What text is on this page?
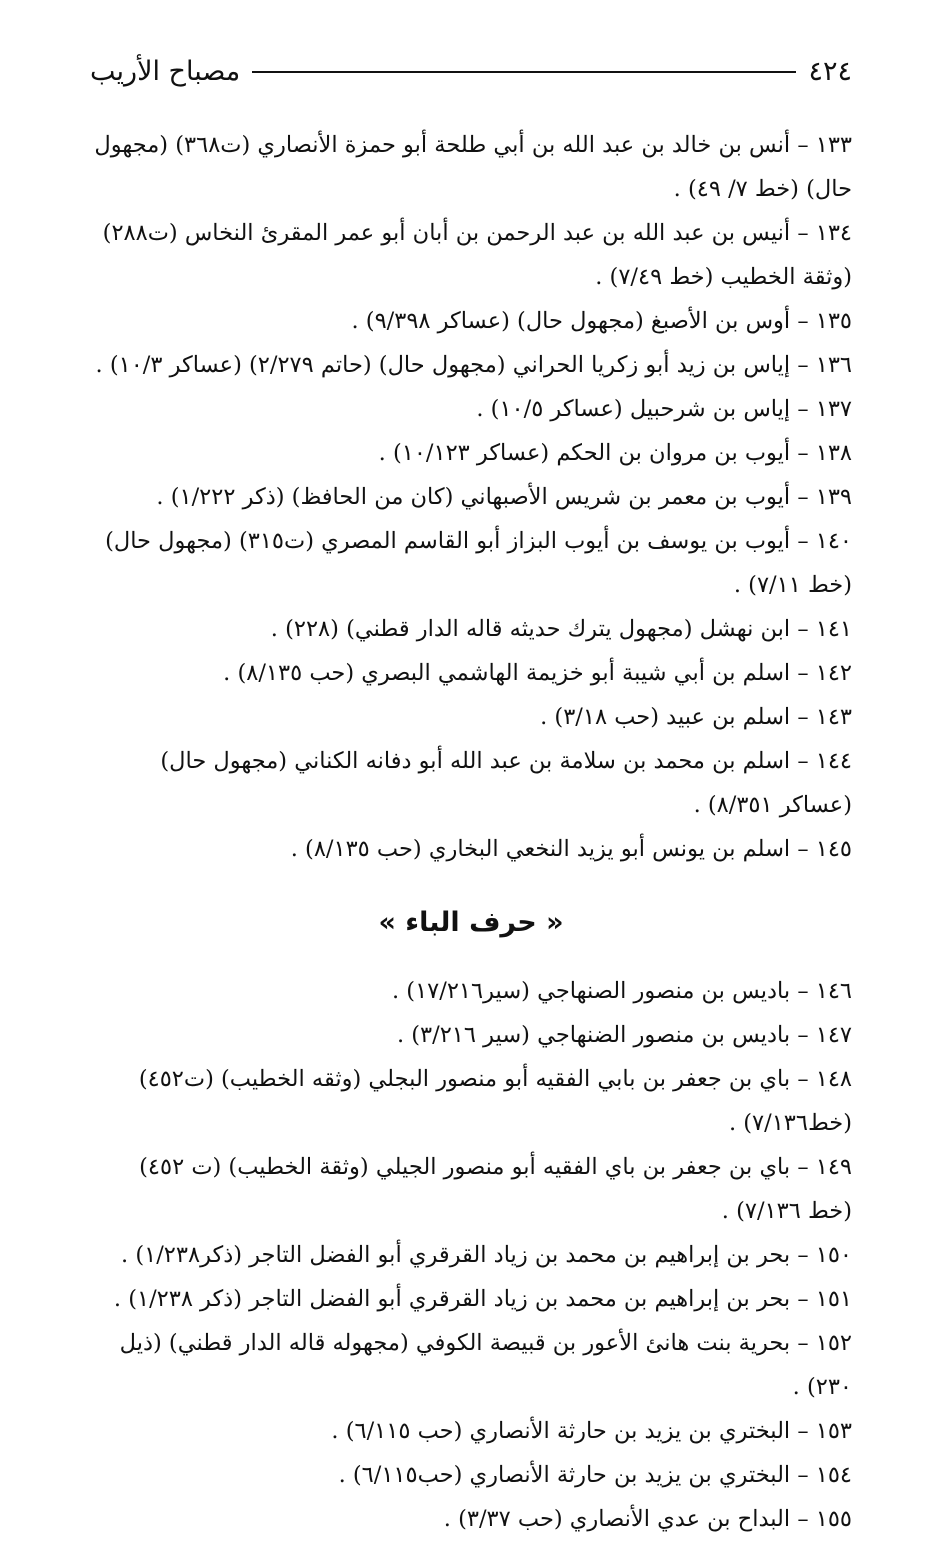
٤٢٤
مصباح الأريب
١٣٣ – أنس بن خالد بن عبد الله بن أبي طلحة أبو حمزة الأنصاري (ت٣٦٨) (مجهول حال) (خط ٧/ ٤٩) .
١٣٤ – أنيس بن عبد الله بن عبد الرحمن بن أبان أبو عمر المقرئ النخاس (ت٢٨٨) (وثقة الخطيب (خط ٧/٤٩) .
١٣٥ – أوس بن الأصبغ (مجهول حال) (عساكر ٩/٣٩٨) .
١٣٦ – إياس بن زيد أبو زكريا الحراني (مجهول حال) (حاتم ٢/٢٧٩) (عساكر ١٠/٣) .
١٣٧ – إياس بن شرحبيل (عساكر ١٠/٥) .
١٣٨ – أيوب بن مروان بن الحكم (عساكر ١٠/١٢٣) .
١٣٩ – أيوب بن معمر بن شريس الأصبهاني (كان من الحافظ) (ذكر ١/٢٢٢) .
١٤٠ – أيوب بن يوسف بن أيوب البزاز أبو القاسم المصري (ت٣١٥) (مجهول حال) (خط ٧/١١) .
١٤١ – ابن نهشل (مجهول يترك حديثه قاله الدار قطني) (٢٢٨) .
١٤٢ – اسلم بن أبي شيبة أبو خزيمة الهاشمي البصري (حب ٨/١٣٥) .
١٤٣ – اسلم بن عبيد (حب ٣/١٨) .
١٤٤ – اسلم بن محمد بن سلامة بن عبد الله أبو دفانه الكناني (مجهول حال) (عساكر ٨/٣٥١) .
١٤٥ – اسلم بن يونس أبو يزيد النخعي البخاري (حب ٨/١٣٥) .
« حرف الباء »
١٤٦ – باديس بن منصور الصنهاجي (سير١٧/٢١٦) .
١٤٧ – باديس بن منصور الضنهاجي (سير ٣/٢١٦) .
١٤٨ – باي بن جعفر بن بابي الفقيه أبو منصور البجلي (وثقه الخطيب) (ت٤٥٢) (خط٧/١٣٦) .
١٤٩ – باي بن جعفر بن باي الفقيه أبو منصور الجيلي (وثقة الخطيب) (ت ٤٥٢) (خط ٧/١٣٦) .
١٥٠ – بحر بن إبراهيم بن محمد بن زياد القرقري أبو الفضل التاجر (ذكر١/٢٣٨) .
١٥١ – بحر بن إبراهيم بن محمد بن زياد القرقري أبو الفضل التاجر (ذكر ١/٢٣٨) .
١٥٢ – بحرية بنت هانئ الأعور بن قبيصة الكوفي (مجهوله قاله الدار قطني) (ذيل ٢٣٠) .
١٥٣ – البختري بن يزيد بن حارثة الأنصاري (حب ٦/١١٥) .
١٥٤ – البختري بن يزيد بن حارثة الأنصاري (حب٦/١١٥) .
١٥٥ – البداح بن عدي الأنصاري (حب ٣/٣٧) .
